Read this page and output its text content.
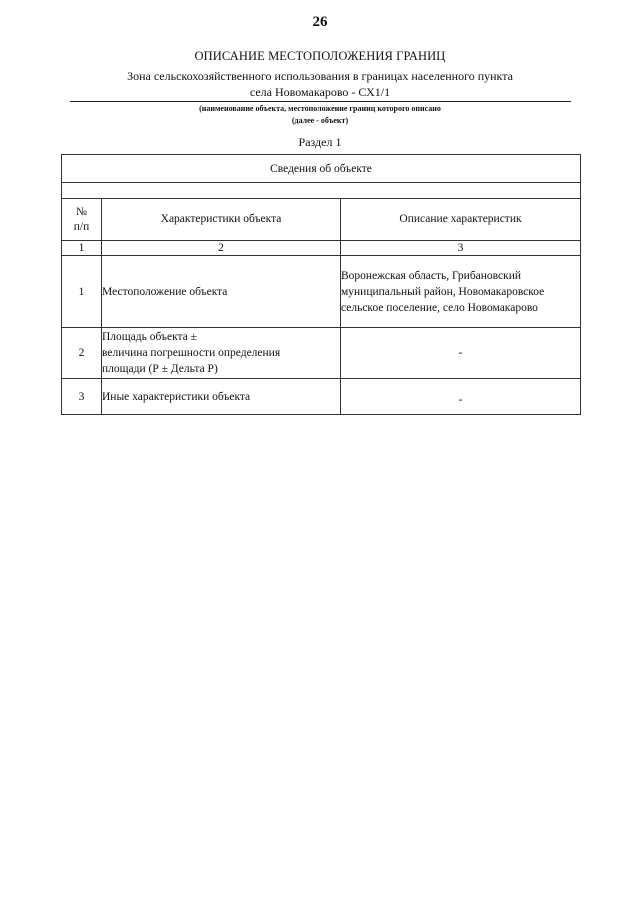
26
ОПИСАНИЕ МЕСТОПОЛОЖЕНИЯ ГРАНИЦ
Зона сельскохозяйственного использования в границах населенного пункта
села Новомакарово - СХ1/1
(наименование объекта, местоположение границ которого описано
(далее - объект)
Раздел 1
Сведения об объекте		

№
п/п	Характеристики объекта	Описание характеристик
1	2	3
1	Местоположение объекта	Воронежская область, Грибановский
муниципальный район, Новомакаровское
сельское поселение, село Новомакарово

2	Площадь объекта ±
величина погрешности определения
площади (Р ± Дельта Р)	-
3	Иные характеристики объекта	-
